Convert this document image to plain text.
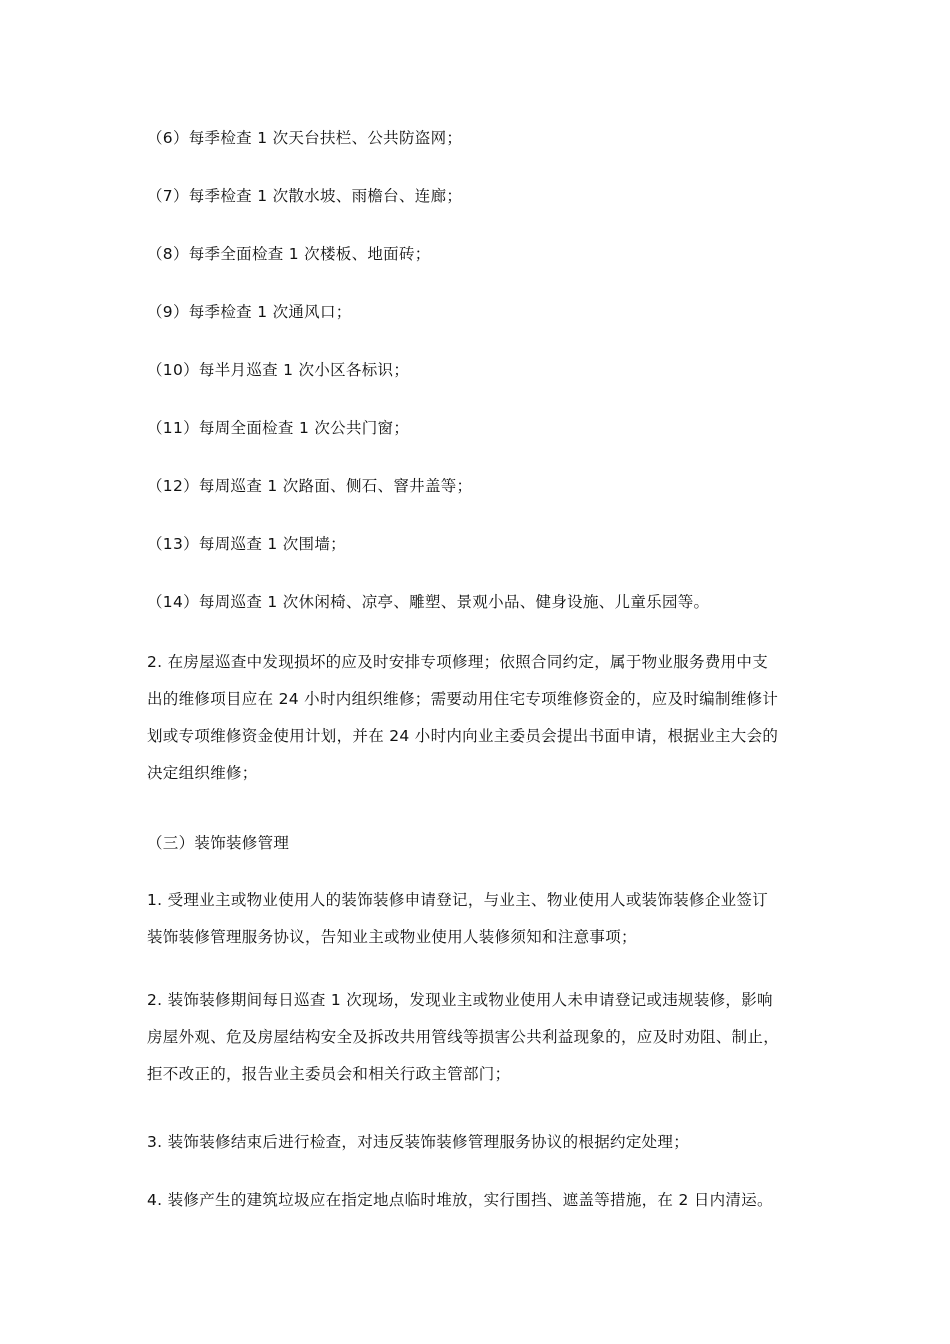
（6）每季检查 1 次天台扶栏、公共防盗网；
（7）每季检查 1 次散水坡、雨檐台、连廊；
（8）每季全面检查 1 次楼板、地面砖；
（9）每季检查 1 次通风口；
（10）每半月巡查 1 次小区各标识；
（11）每周全面检查 1 次公共门窗；
（12）每周巡查 1 次路面、侧石、窨井盖等；
（13）每周巡查 1 次围墙；
（14）每周巡查 1 次休闲椅、凉亭、雕塑、景观小品、健身设施、儿童乐园等。
2. 在房屋巡查中发现损坏的应及时安排专项修理；依照合同约定，属于物业服务费用中支
出的维修项目应在 24 小时内组织维修；需要动用住宅专项维修资金的，应及时编制维修计
划或专项维修资金使用计划，并在 24 小时内向业主委员会提出书面申请，根据业主大会的
决定组织维修；
（三）装饰装修管理
1. 受理业主或物业使用人的装饰装修申请登记，与业主、物业使用人或装饰装修企业签订
装饰装修管理服务协议，告知业主或物业使用人装修须知和注意事项；
2. 装饰装修期间每日巡查 1 次现场，发现业主或物业使用人未申请登记或违规装修，影响
房屋外观、危及房屋结构安全及拆改共用管线等损害公共利益现象的，应及时劝阻、制止，
拒不改正的，报告业主委员会和相关行政主管部门；
3. 装饰装修结束后进行检查，对违反装饰装修管理服务协议的根据约定处理；
4. 装修产生的建筑垃圾应在指定地点临时堆放，实行围挡、遮盖等措施，在 2 日内清运。
